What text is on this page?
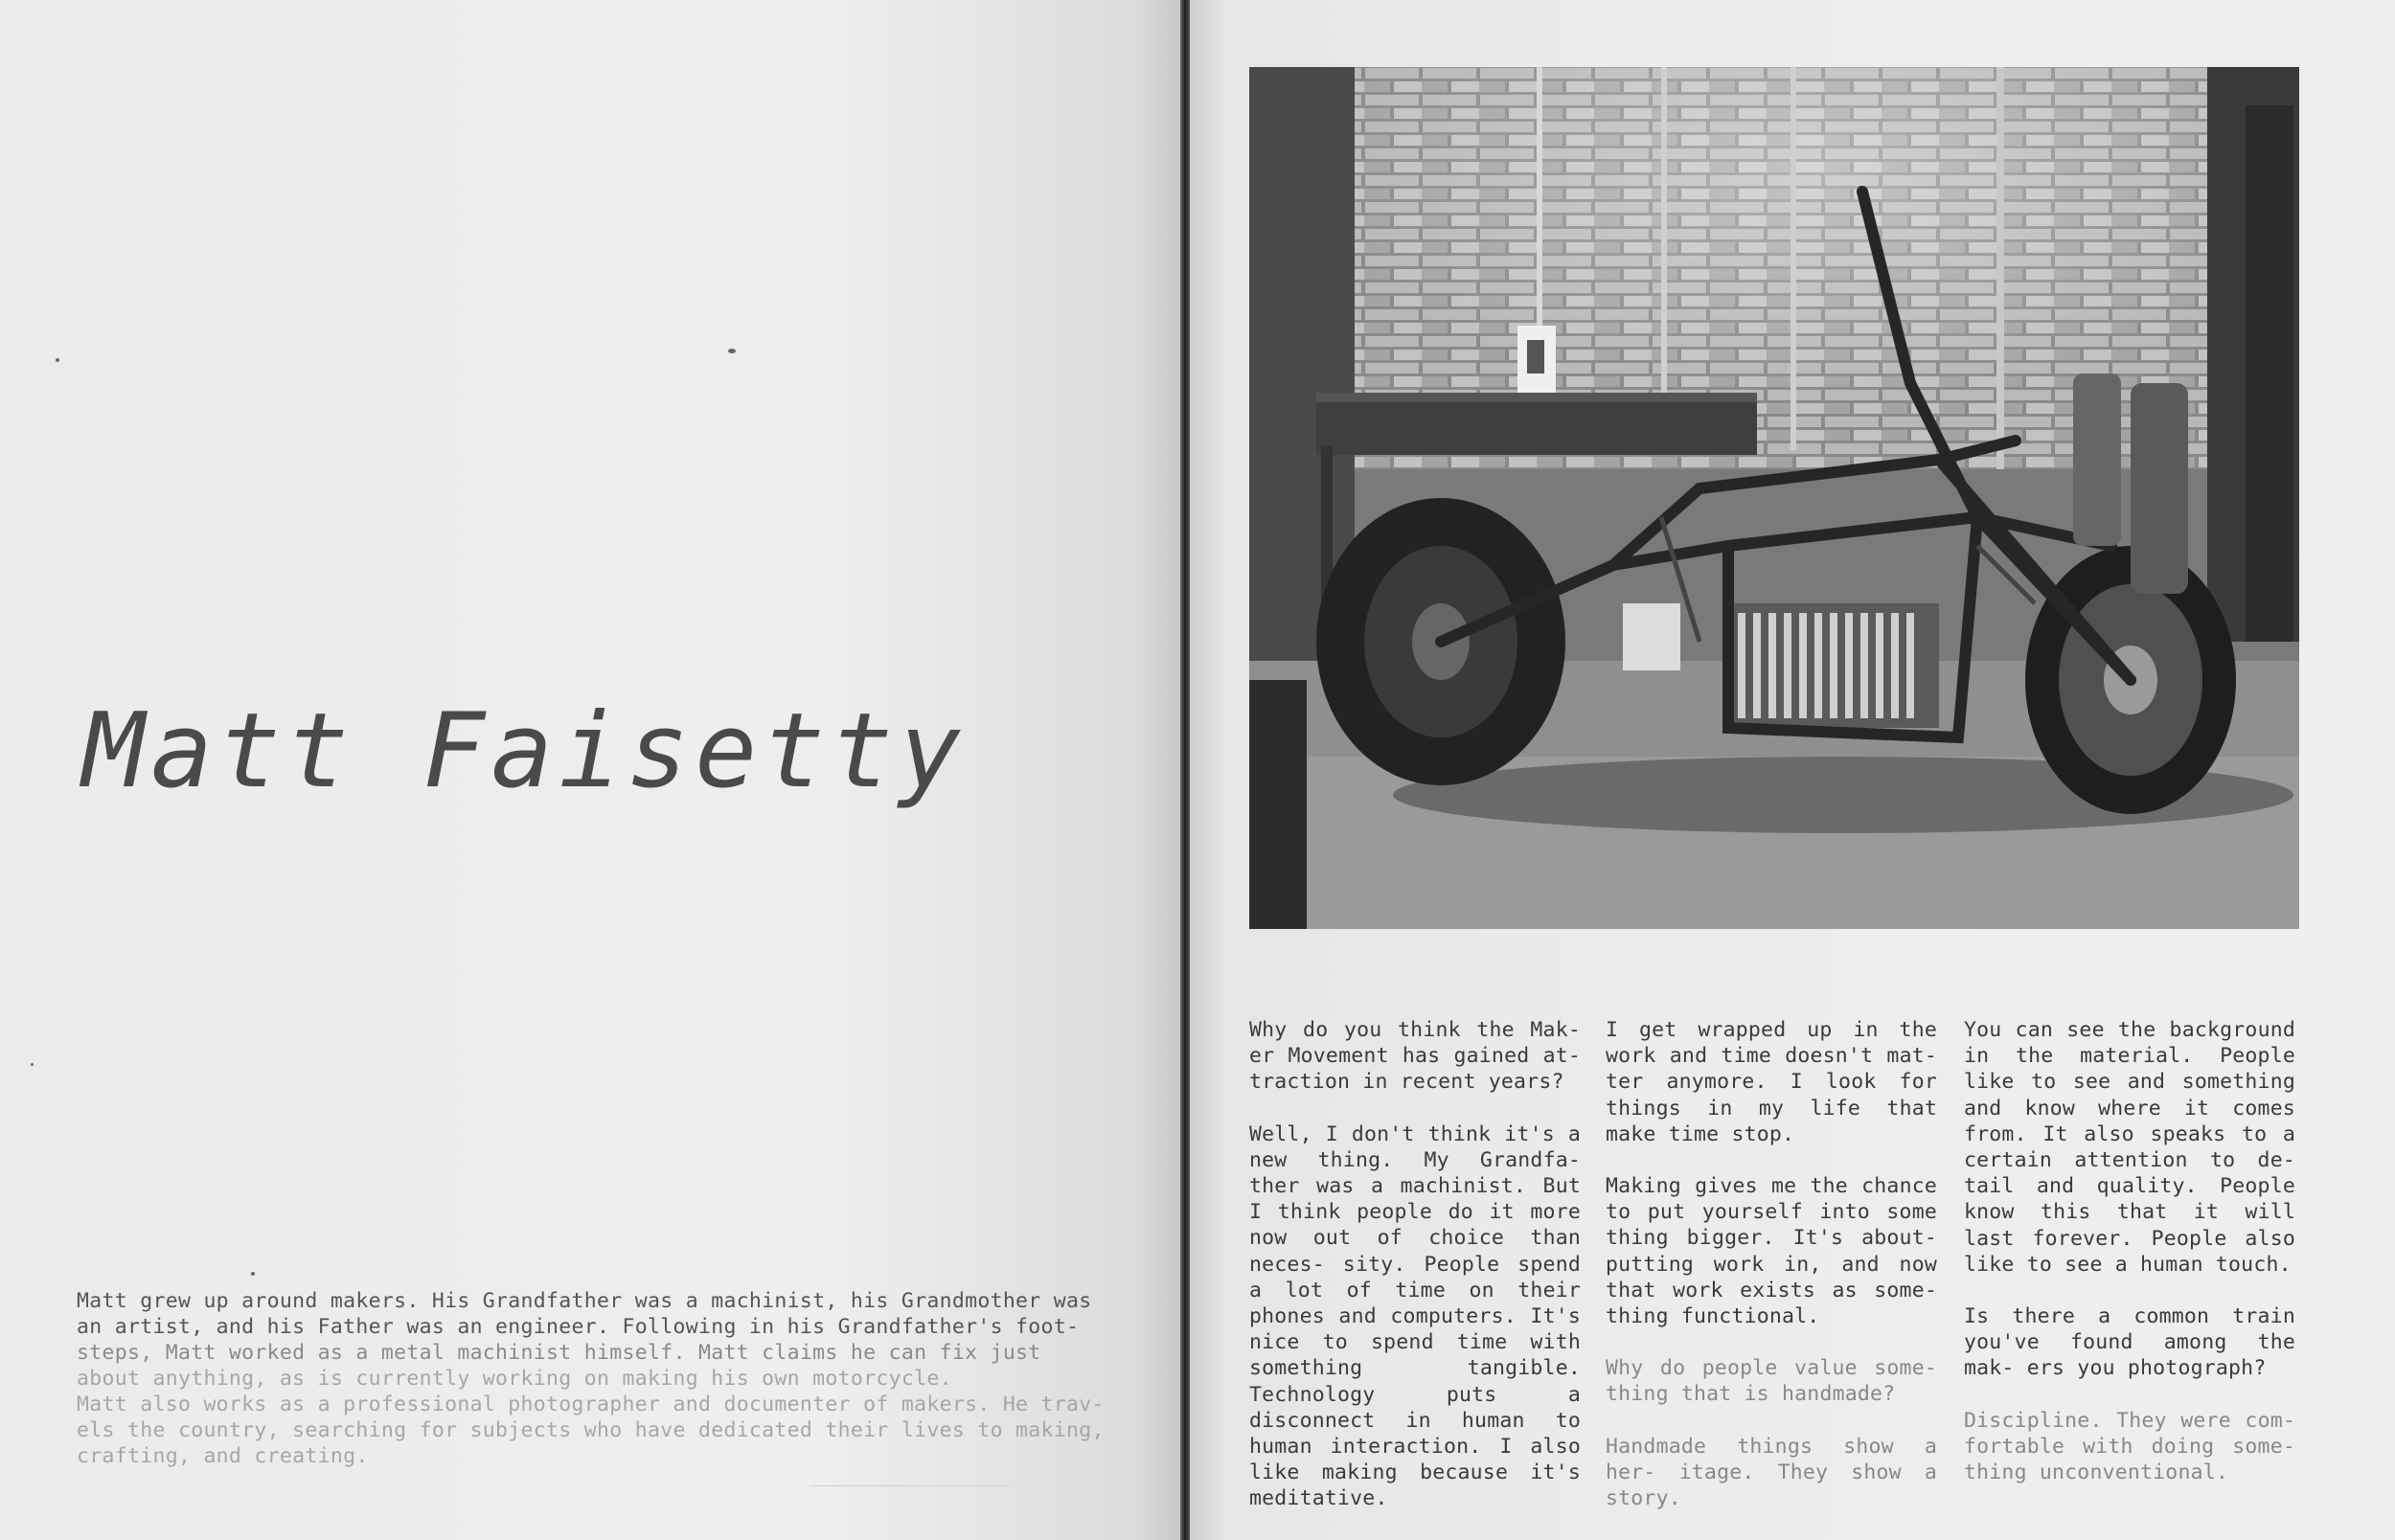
Matt Faisetty

Matt grew up around makers. His Grandfather was a machinist, his Grandmother was

an artist, and his Father was an engineer. Following in his Grandfather's foot-

steps, Matt worked as a metal machinist himself. Matt claims he can fix just

about anything, as is currently working on making his own motorcycle.

Matt also works as a professional photographer and documenter of makers. He trav-

els the country, searching for subjects who have dedicated their lives to making,

crafting, and creating.

Why do you think the Mak- er Movement has gained at- traction in recent years?

Well, I don't think it's a new thing. My Grandfa- ther was a machinist. But I think people do it more now out of choice than neces- sity. People spend a lot of time on their phones and computers. It's nice to spend time with something tangible. Technology puts a disconnect in human to human interaction. I also like making because it's meditative.

I get wrapped up in the work and time doesn't mat- ter anymore. I look for things in my life that make time stop.

Making gives me the chance to put yourself into some thing bigger. It's about- putting work in, and now that work exists as some- thing functional.

Why do people value some- thing that is handmade?

Handmade things show a her- itage. They show a story.

You can see the background in the material. People like to see and something and know where it comes from. It also speaks to a certain attention to de- tail and quality. People know this that it will last forever. People also like to see a human touch.

Is there a common train you've found among the mak- ers you photograph?

Discipline. They were com- fortable with doing some- thing unconventional.
